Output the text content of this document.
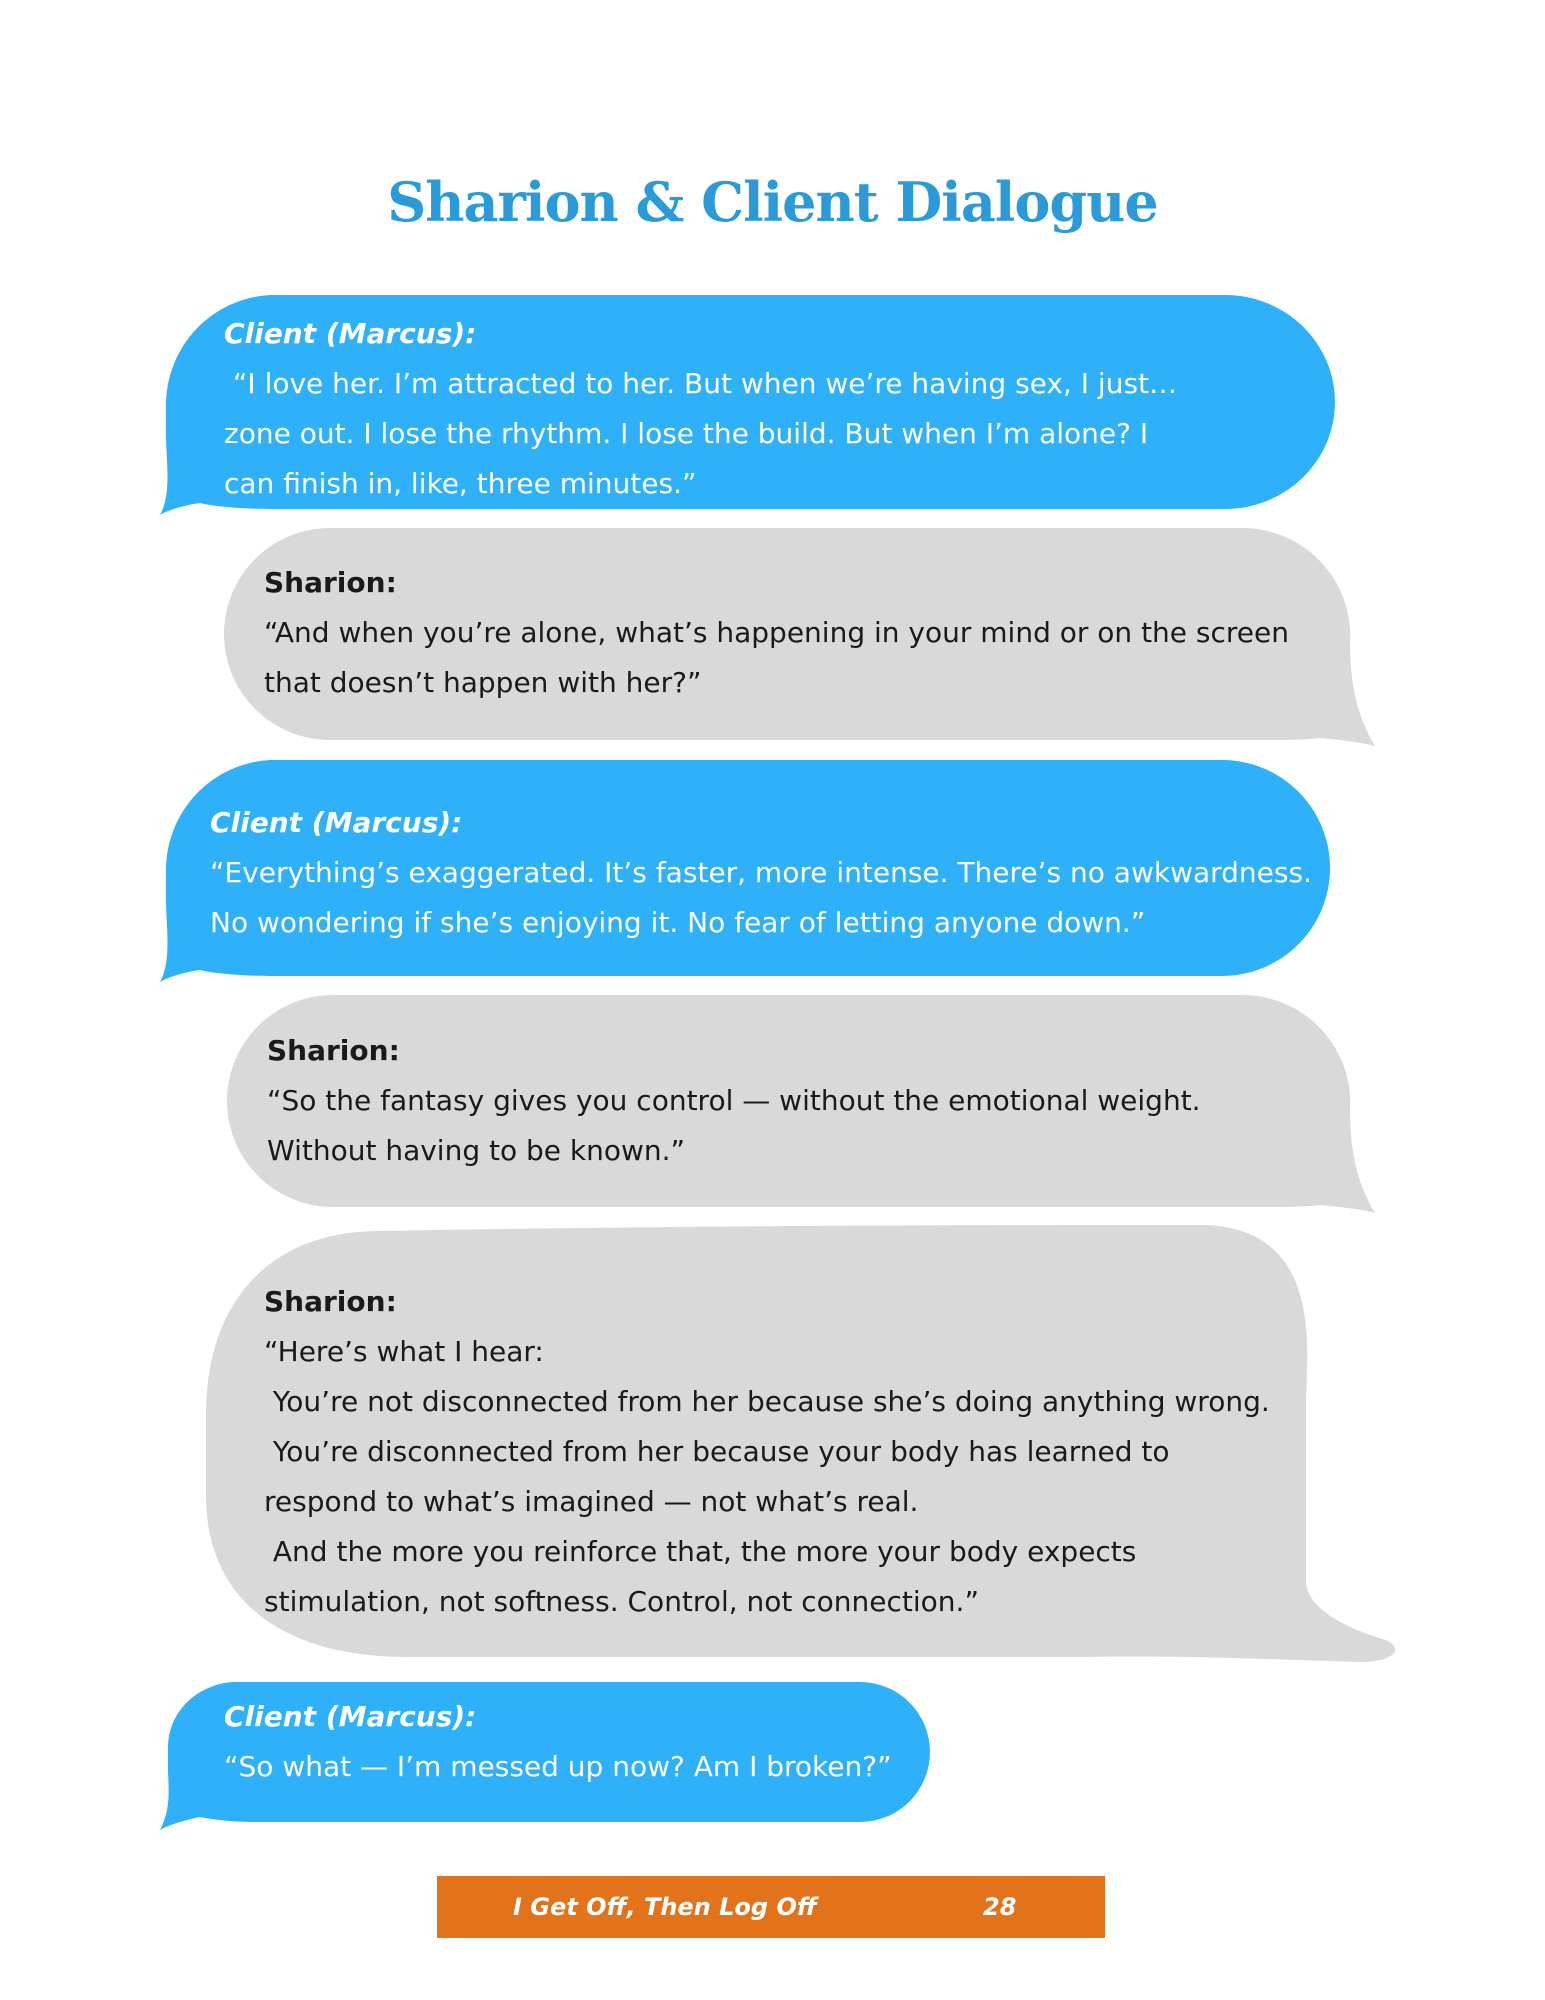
Sharion & Client Dialogue
Client (Marcus):
“I love her. I’m attracted to her. But when we’re having sex, I just…
zone out. I lose the rhythm. I lose the build. But when I’m alone? I
can finish in, like, three minutes.”
Sharion:
“And when you’re alone, what’s happening in your mind or on the screen
that doesn’t happen with her?”
Client (Marcus):
“Everything’s exaggerated. It’s faster, more intense. There’s no awkwardness.
No wondering if she’s enjoying it. No fear of letting anyone down.”
Sharion:
“So the fantasy gives you control — without the emotional weight.
Without having to be known.”
Sharion:
“Here’s what I hear:
You’re not disconnected from her because she’s doing anything wrong.
You’re disconnected from her because your body has learned to
respond to what’s imagined — not what’s real.
And the more you reinforce that, the more your body expects
stimulation, not softness. Control, not connection.”
Client (Marcus):
“So what — I’m messed up now? Am I broken?”
I Get Off, Then Log Off	28
